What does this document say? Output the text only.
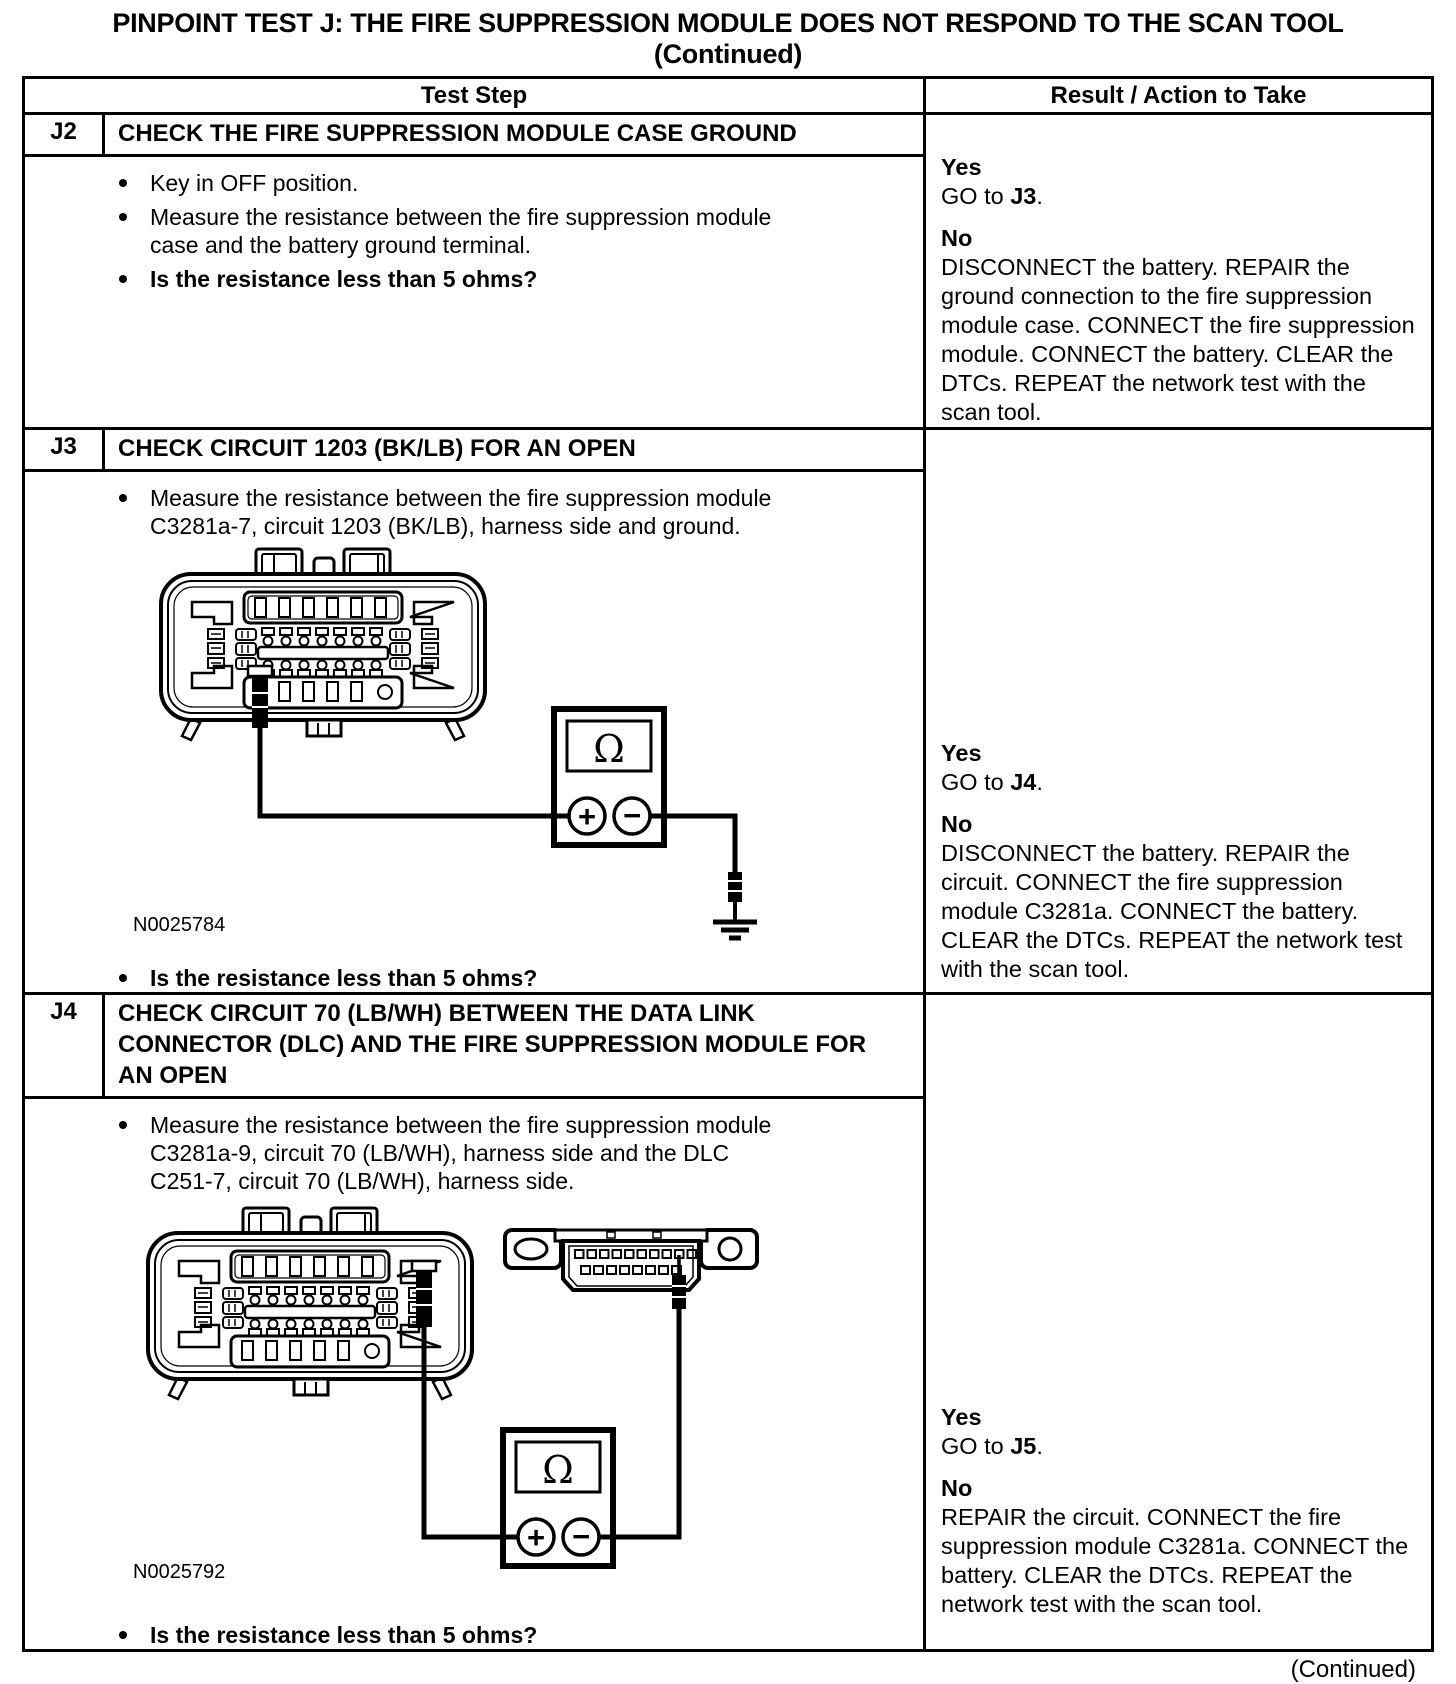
PINPOINT TEST J: THE FIRE SUPPRESSION MODULE DOES NOT RESPOND TO THE SCAN TOOL
(Continued)
Test Step	Result / Action to Take
J2	CHECK THE FIRE SUPPRESSION MODULE CASE GROUND
Key in OFF position.
Measure the resistance between the fire suppression module case and the battery ground terminal.
Is the resistance less than 5 ohms?
Yes
GO to J3.
No
DISCONNECT the battery. REPAIR the ground connection to the fire suppression module case. CONNECT the fire suppression module. CONNECT the battery. CLEAR the DTCs. REPEAT the network test with the scan tool.
J3	CHECK CIRCUIT 1203 (BK/LB) FOR AN OPEN
Measure the resistance between the fire suppression module C3281a-7, circuit 1203 (BK/LB), harness side and ground.
N0025784
Is the resistance less than 5 ohms?
Yes
GO to J4.
No
DISCONNECT the battery. REPAIR the circuit. CONNECT the fire suppression module C3281a. CONNECT the battery. CLEAR the DTCs. REPEAT the network test with the scan tool.
J4	CHECK CIRCUIT 70 (LB/WH) BETWEEN THE DATA LINK CONNECTOR (DLC) AND THE FIRE SUPPRESSION MODULE FOR AN OPEN
Measure the resistance between the fire suppression module C3281a-9, circuit 70 (LB/WH), harness side and the DLC C251-7, circuit 70 (LB/WH), harness side.
N0025792
Is the resistance less than 5 ohms?
Yes
GO to J5.
No
REPAIR the circuit. CONNECT the fire suppression module C3281a. CONNECT the battery. CLEAR the DTCs. REPEAT the network test with the scan tool.
(Continued)
